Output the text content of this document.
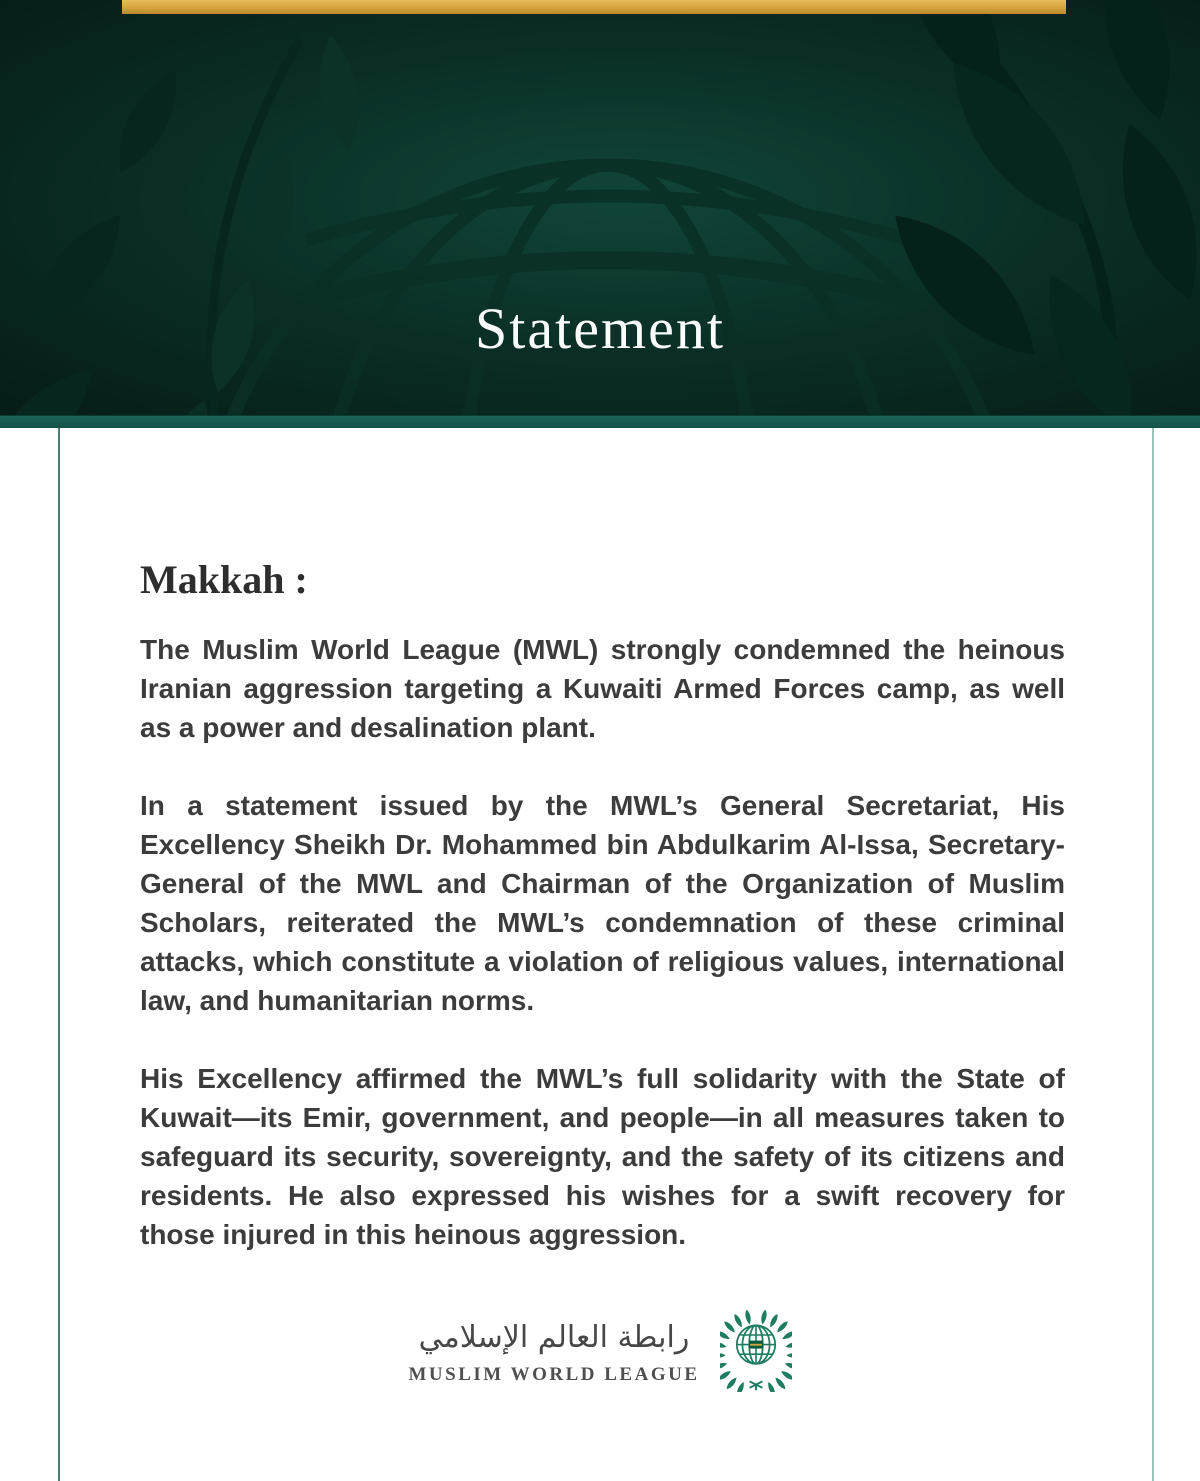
Statement
Makkah :

The Muslim World League (MWL) strongly condemned the heinous Iranian aggression targeting a Kuwaiti Armed Forces camp, as well as a power and desalination plant.

In a statement issued by the MWL’s General Secretariat, His Excellency Sheikh Dr. Mohammed bin Abdulkarim Al-Issa, Secretary-General of the MWL and Chairman of the Organization of Muslim Scholars, reiterated the MWL’s condemnation of these criminal attacks, which constitute a violation of religious values, international law, and humanitarian norms.

His Excellency affirmed the MWL’s full solidarity with the State of Kuwait—its Emir, government, and people—in all measures taken to safeguard its security, sovereignty, and the safety of its citizens and residents. He also expressed his wishes for a swift recovery for those injured in this heinous aggression.

رابطة العالم الإسلامي
MUSLIM WORLD LEAGUE
